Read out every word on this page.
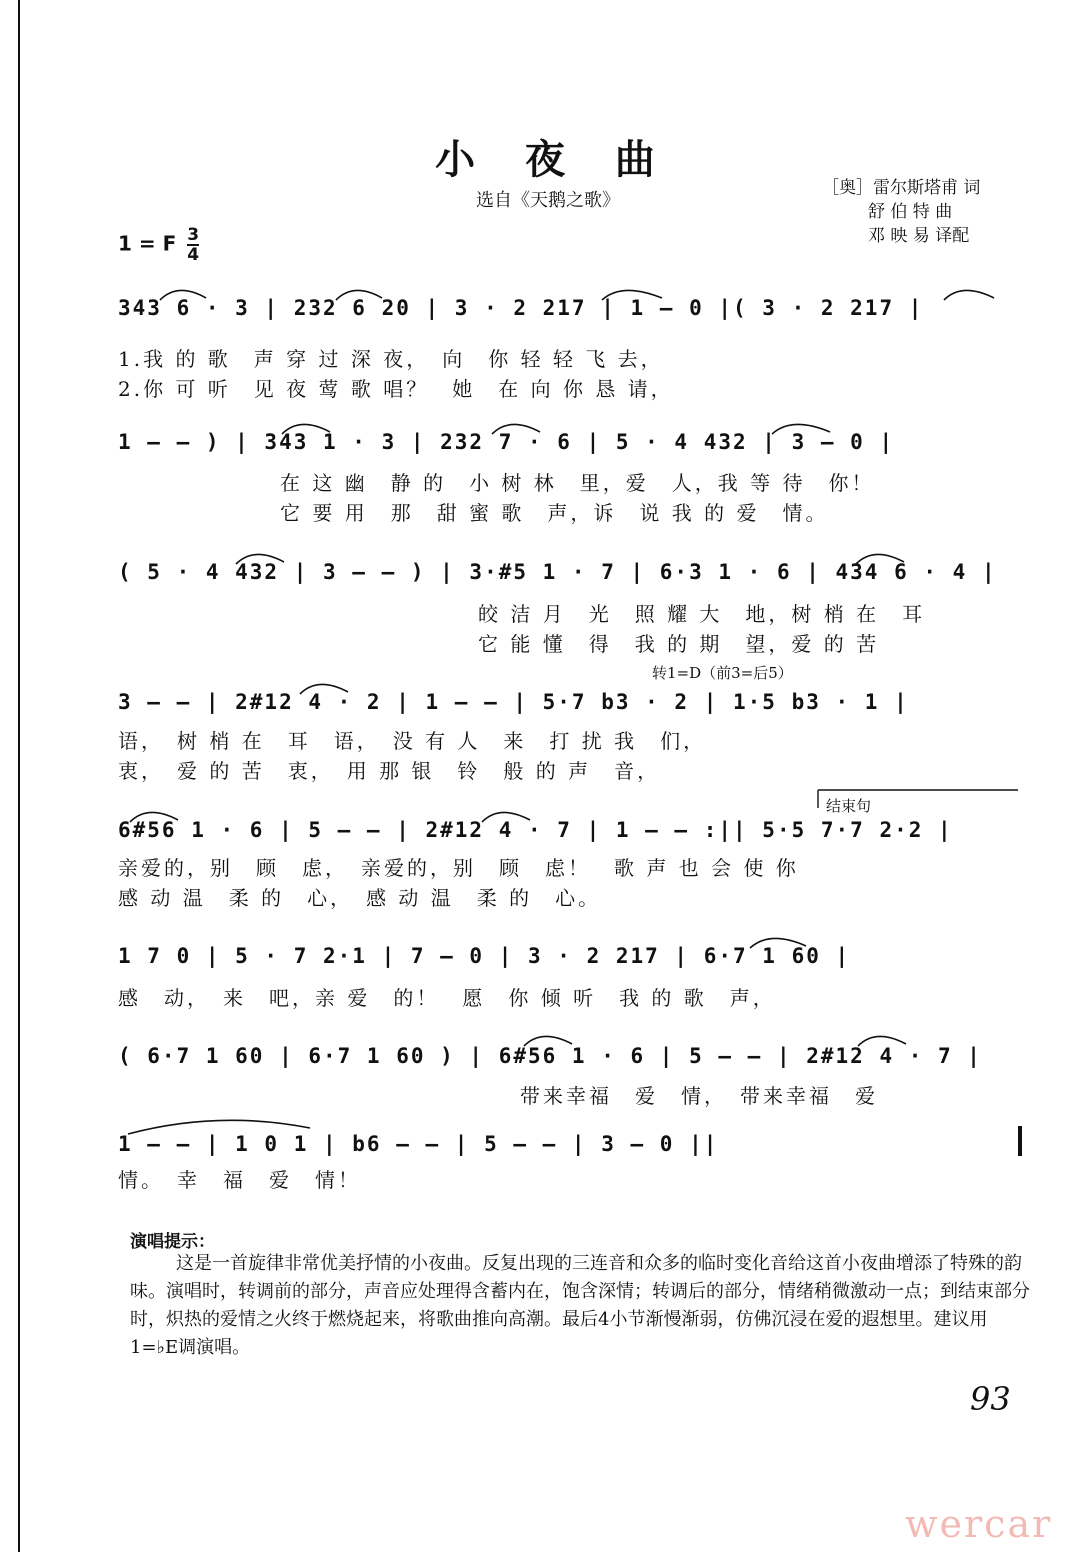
小 夜 曲
选自《天鹅之歌》
［奥］雷尔斯塔甫 词
舒 伯 特 曲
邓 映 易 译配
1 = F $\frac{3}{4}$
343 6 · 3 | 232 6 20 | 3 · 2 217 | 1 – 0 |( 3 · 2 217 |
1.我 的 歌　声 穿 过 深 夜，　向　你 轻 轻 飞 去，
2.你 可 听　见 夜 莺 歌 唱？　她　在 向 你 恳 请，
1 – – ) | 343 1 · 3 | 232 7 · 6 | 5 · 4 432 | 3 – 0 |
在 这 幽　静 的　小 树 林　里，爱　人，我 等 待　你！
它 要 用　那　甜 蜜 歌　声，诉　说 我 的 爱　情。
( 5 · 4 432 | 3 – – ) | 3·#5 1 · 7 | 6·3 1 · 6 | 434 6 · 4 |
皎 洁 月　光　照 耀 大　地，树 梢 在　耳
它 能 懂　得　我 的 期　望，爱 的 苦
转1=D（前3=后5）
3 – – | 2#12 4 · 2 | 1 – – | 5·7 b3 · 2 | 1·5 b3 · 1 |
语，　树 梢 在　耳　语，　没 有 人　来　打 扰 我　们，
衷，　爱 的 苦　衷，　用 那 银　铃　般 的 声　音，
结束句
6#56 1 · 6 | 5 – – | 2#12 4 · 7 | 1 – – :|| 5·5 7·7 2·2 |
亲爱的，别　顾　虑，　亲爱的，别　顾　虑！　歌 声 也 会 使 你
感 动 温　柔 的　心，　感 动 温　柔 的　心。
1 7 0 | 5 · 7 2·1 | 7 – 0 | 3 · 2 217 | 6·7 1 60 |
感　动，　来　吧，亲 爱　的！　愿　你 倾 听　我 的 歌　声，
( 6·7 1 60 | 6·7 1 60 ) | 6#56 1 · 6 | 5 – – | 2#12 4 · 7 |
带来幸福　爱　情，　带来幸福　爱
1 – – | 1 0 1 | b6 – – | 5 – – | 3 – 0 ||
情。　幸　福　爱　情！
演唱提示：
这是一首旋律非常优美抒情的小夜曲。反复出现的三连音和众多的临时变化音给这首小夜曲增添了特殊的韵味。演唱时，转调前的部分，声音应处理得含蓄内在，饱含深情；转调后的部分，情绪稍微激动一点；到结束部分时，炽热的爱情之火终于燃烧起来，将歌曲推向高潮。最后4小节渐慢渐弱，仿佛沉浸在爱的遐想里。建议用1=♭E调演唱。
93
wercar
